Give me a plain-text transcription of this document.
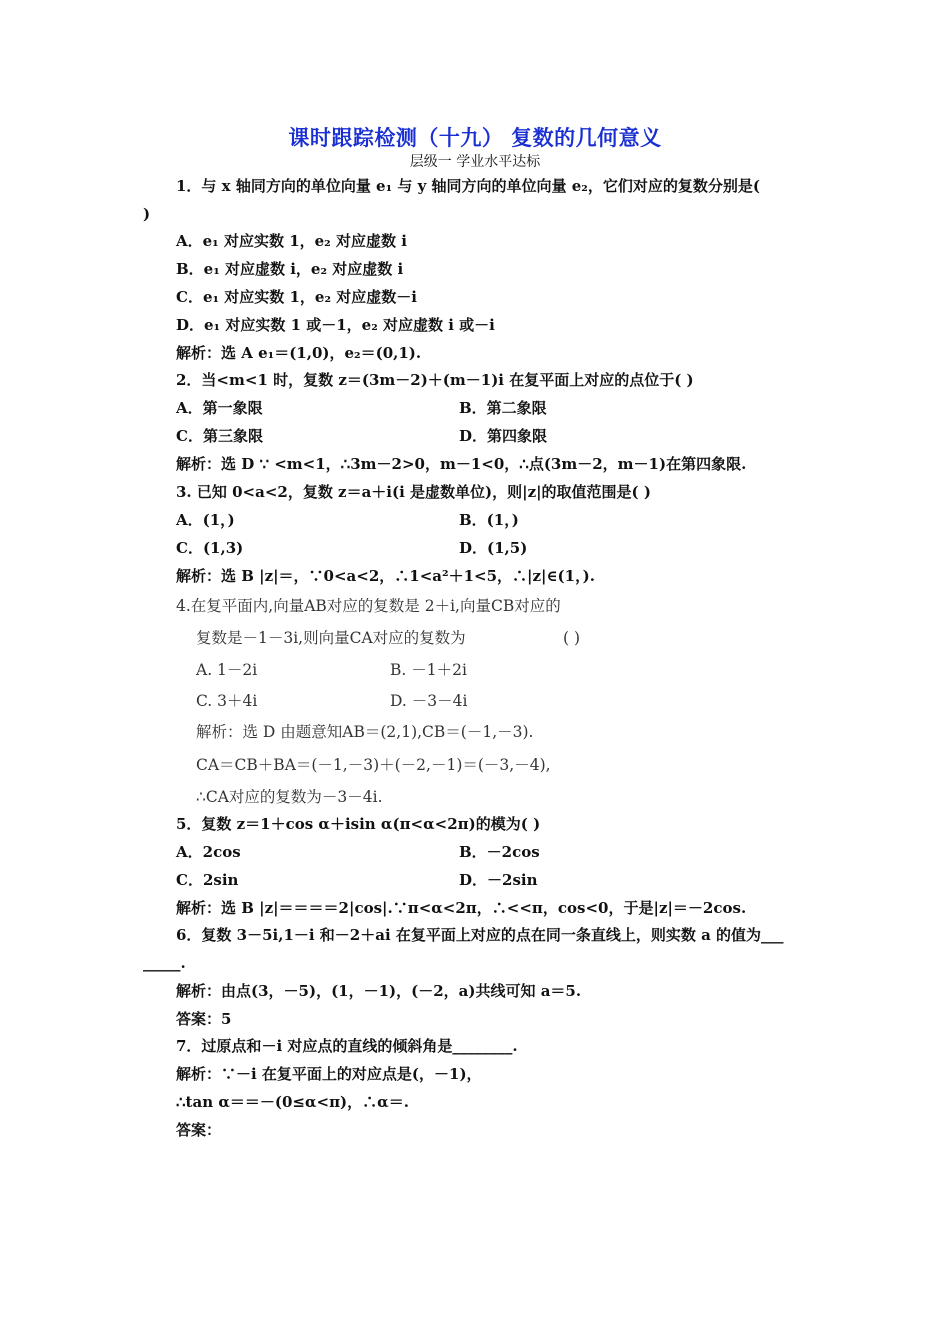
课时跟踪检测（十九） 复数的几何意义
层级一 学业水平达标
1．与 x 轴同方向的单位向量 e₁ 与 y 轴同方向的单位向量 e₂，它们对应的复数分别是(
)
A．e₁ 对应实数 1，e₂ 对应虚数 i
B．e₁ 对应虚数 i，e₂ 对应虚数 i
C．e₁ 对应实数 1，e₂ 对应虚数－i
D．e₁ 对应实数 1 或－1，e₂ 对应虚数 i 或－i
解析：选 A e₁＝(1,0)，e₂＝(0,1).
2．当<m<1 时，复数 z＝(3m－2)＋(m－1)i 在复平面上对应的点位于( )
A．第一象限	B．第二象限
C．第三象限	D．第四象限
解析：选 D ∵ <m<1，∴3m－2>0，m－1<0，∴点(3m－2，m－1)在第四象限.
3. 已知 0<a<2，复数 z＝a＋i(i 是虚数单位)，则|z|的取值范围是( )
A．(1，)	B．(1，)
C．(1,3)	D．(1,5)
解析：选 B |z|＝，∵0<a<2，∴1<a²＋1<5，∴|z|∈(1，).
4.在复平面内,向量AB对应的复数是 2＋i,向量CB对应的
复数是－1－3i,则向量CA对应的复数为	( )
A. 1－2i	B. －1＋2i
C. 3＋4i	D. －3－4i
解析：选 D 由题意知AB＝(2,1),CB＝(－1,－3).
CA＝CB＋BA＝(－1,－3)＋(－2,－1)＝(－3,－4),
∴CA对应的复数为－3－4i.
5．复数 z＝1＋cos α＋isin α(π<α<2π)的模为( )
A．2cos	B．－2cos
C．2sin	D．－2sin
解析：选 B |z|＝＝＝＝2|cos|.∵π<α<2π，∴<<π，cos<0，于是|z|＝－2cos.
6．复数 3－5i,1－i 和－2＋ai 在复平面上对应的点在同一条直线上，则实数 a 的值为___
_____.
解析：由点(3，－5)，(1，－1)，(－2，a)共线可知 a＝5.
答案：5
7．过原点和－i 对应点的直线的倾斜角是________.
解析：∵－i 在复平面上的对应点是(，－1)，
∴tan α＝＝－(0≤α<π)，∴α＝.
答案：
